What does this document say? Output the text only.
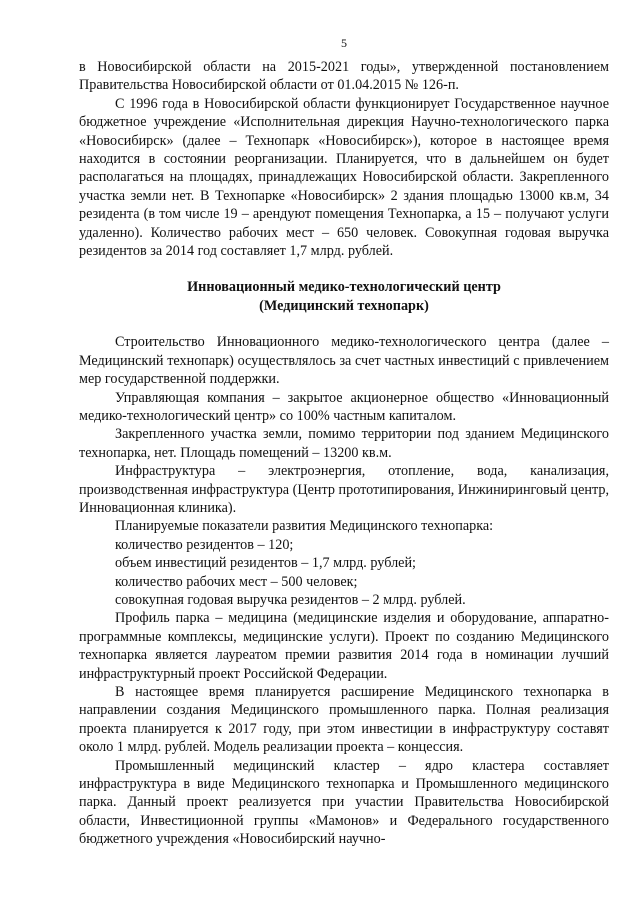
5

в Новосибирской области на 2015-2021 годы», утвержденной постановлением Правительства Новосибирской области от 01.04.2015 № 126-п.

С 1996 года в Новосибирской области функционирует Государственное научное бюджетное учреждение «Исполнительная дирекция Научно-технологического парка «Новосибирск» (далее – Технопарк «Новосибирск»), которое в настоящее время находится в состоянии реорганизации. Планируется, что в дальнейшем он будет располагаться на площадях, принадлежащих Новосибирской области. Закрепленного участка земли нет. В Технопарке «Новосибирск» 2 здания площадью 13000 кв.м, 34 резидента (в том числе 19 – арендуют помещения Технопарка, а 15 – получают услуги удаленно). Количество рабочих мест – 650 человек. Совокупная годовая выручка резидентов за 2014 год составляет 1,7 млрд. рублей.

Инновационный медико-технологический центр
(Медицинский технопарк)

Строительство Инновационного медико-технологического центра (далее – Медицинский технопарк) осуществлялось за счет частных инвестиций с привлечением мер государственной поддержки.

Управляющая компания – закрытое акционерное общество «Инновационный медико-технологический центр» со 100% частным капиталом.

Закрепленного участка земли, помимо территории под зданием Медицинского технопарка, нет. Площадь помещений – 13200 кв.м.

Инфраструктура – электроэнергия, отопление, вода, канализация, производственная инфраструктура (Центр прототипирования, Инжиниринговый центр, Инновационная клиника).

Планируемые показатели развития Медицинского технопарка:

количество резидентов – 120;
объем инвестиций резидентов – 1,7 млрд. рублей;
количество рабочих мест – 500 человек;
совокупная годовая выручка резидентов – 2 млрд. рублей.

Профиль парка – медицина (медицинские изделия и оборудование, аппаратно-программные комплексы, медицинские услуги). Проект по созданию Медицинского технопарка является лауреатом премии развития 2014 года в номинации лучший инфраструктурный проект Российской Федерации.

В настоящее время планируется расширение Медицинского технопарка в направлении создания Медицинского промышленного парка. Полная реализация проекта планируется к 2017 году, при этом инвестиции в инфраструктуру составят около 1 млрд. рублей. Модель реализации проекта – концессия.

Промышленный медицинский кластер – ядро кластера составляет инфраструктура в виде Медицинского технопарка и Промышленного медицинского парка. Данный проект реализуется при участии Правительства Новосибирской области, Инвестиционной группы «Мамонов» и Федерального государственного бюджетного учреждения «Новосибирский научно-
